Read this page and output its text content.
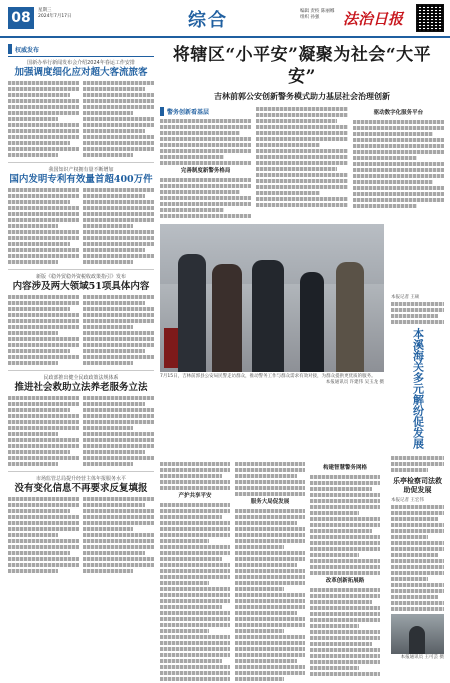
08	星期三
2024年7月17日	综合	编辑 责校 陈丽娜
组织 孙强	法治日报
权威发布
国新办举行新闻发布会介绍2024年春运工作安排
加强调度细化应对超大客流旅客
我国知识产权拥有量不断增加
国内发明专利有效量首超400万件
新版《稳外贸稳外资税收政策指引》发布
内容涉及两大领域51项具体内容
民政部推出健全民政政策法规体系
推进社会救助立法养老服务立法
市场监管总局提升经营主体年报服务水平
没有变化信息不再要求反复填报
将辖区“小平安”凝聚为社会“大平安”
吉林前郭公安创新警务模式助力基层社会治理创新
警务创新看基层
完善制度新警务格局
驱动数字化服务平台
7月15日，吉林前郭县公安局民警走访群众，推动警务工作与群众需求有效对接，为群众提供更优质的服务。
本报通讯员 许建伟 吴玉龙 摄
本报记者 王硕
本溪海关多元解纷促发展
乐亭检察司法救助促发展
本报记者 王宏伟
本报通讯员 王可芸 摄
产护共享平安
服务大局促发展
构建智慧警务网格
改革创新拓展路
